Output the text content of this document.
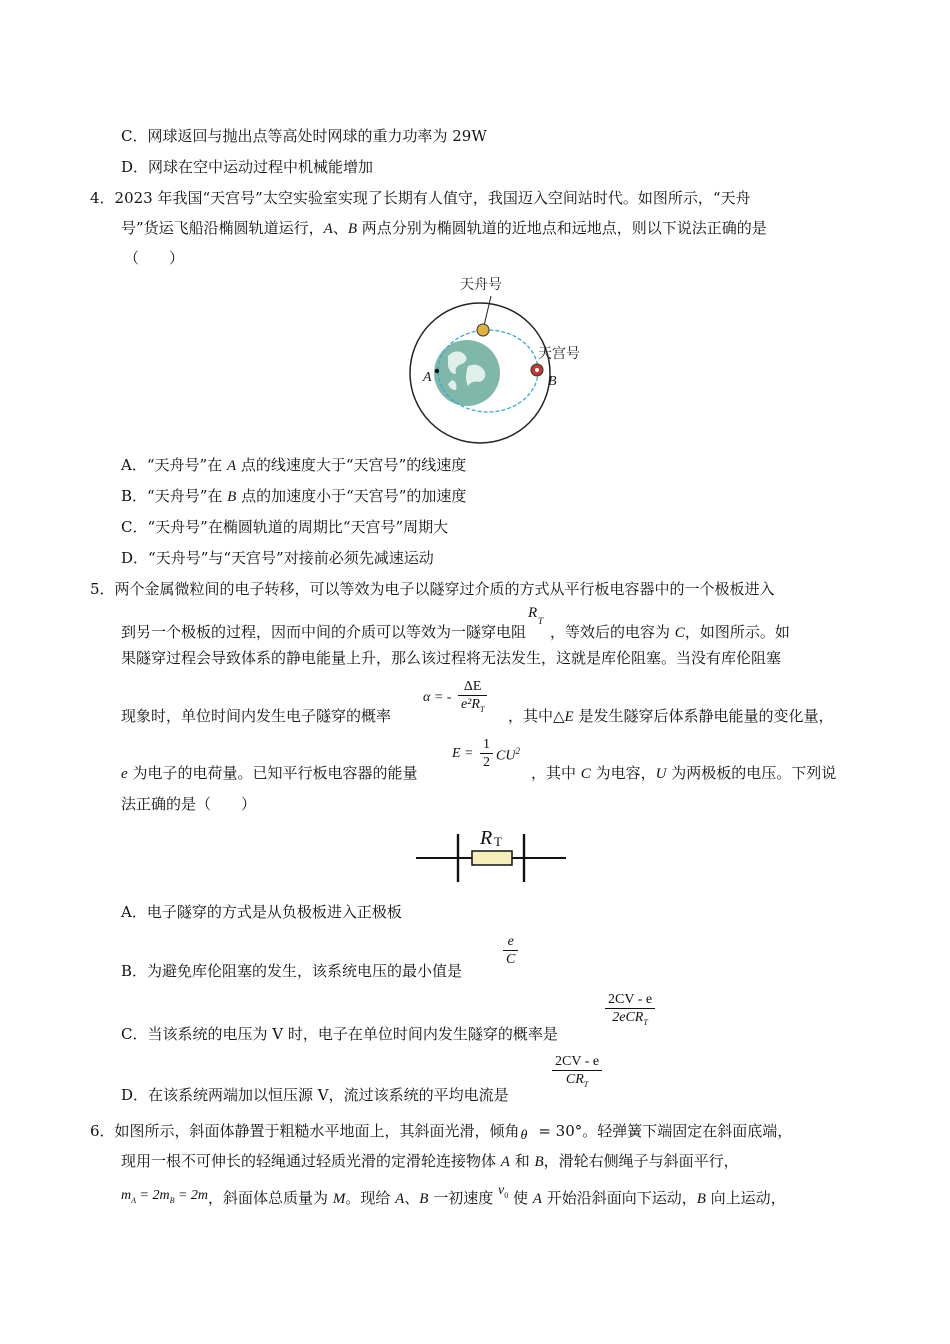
C．网球返回与抛出点等高处时网球的重力功率为 29W
D．网球在空中运动过程中机械能增加
4．2023 年我国“天宫号”太空实验室实现了长期有人值守，我国迈入空间站时代。如图所示，“天舟
号”货运飞船沿椭圆轨道运行，A、B 两点分别为椭圆轨道的近地点和远地点，则以下说法正确的是
（　　）
天舟号
天宫号
A	B
A．“天舟号”在 A 点的线速度大于“天宫号”的线速度
B．“天舟号”在 B 点的加速度小于“天宫号”的加速度
C．“天舟号”在椭圆轨道的周期比“天宫号”周期大
D．“天舟号”与“天宫号”对接前必须先减速运动
5．两个金属微粒间的电子转移，可以等效为电子以隧穿过介质的方式从平行板电容器中的一个极板进入
到另一个极板的过程，因而中间的介质可以等效为一隧穿电阻
R T
，等效后的电容为 C，如图所示。如
果隧穿过程会导致体系的静电能量上升，那么该过程将无法发生，这就是库伦阻塞。当没有库伦阻塞
现象时，单位时间内发生电子隧穿的概率
α = - $\frac{\Delta E}{e^2R_T}$ ，其中△E 是发生隧穿后体系静电能量的变化量，
e 为电子的电荷量。已知平行板电容器的能量
$E = \frac{1}{2} CU^2$
，其中 C 为电容，U 为两极板的电压。下列说
法正确的是（　　）
R T
A．电子隧穿的方式是从负极板进入正极板
B．为避免库伦阻塞的发生，该系统电压的最小值是
$\frac{e}{C}$
C．当该系统的电压为 V 时，电子在单位时间内发生隧穿的概率是
$\frac{2CV - e}{2eCR_T}$
D．在该系统两端加以恒压源 V，流过该系统的平均电流是
$\frac{2CV - e}{CR_T}$
6．如图所示，斜面体静置于粗糙水平地面上，其斜面光滑，倾角 θ = 30°。轻弹簧下端固定在斜面底端，
现用一根不可伸长的轻绳通过轻质光滑的定滑轮连接物体 A 和 B，滑轮右侧绳子与斜面平行，
$m_A = 2m_B = 2m$，斜面体总质量为 M。现给 A、B 一初速度 $v_0$ 使 A 开始沿斜面向下运动，B 向上运动，
